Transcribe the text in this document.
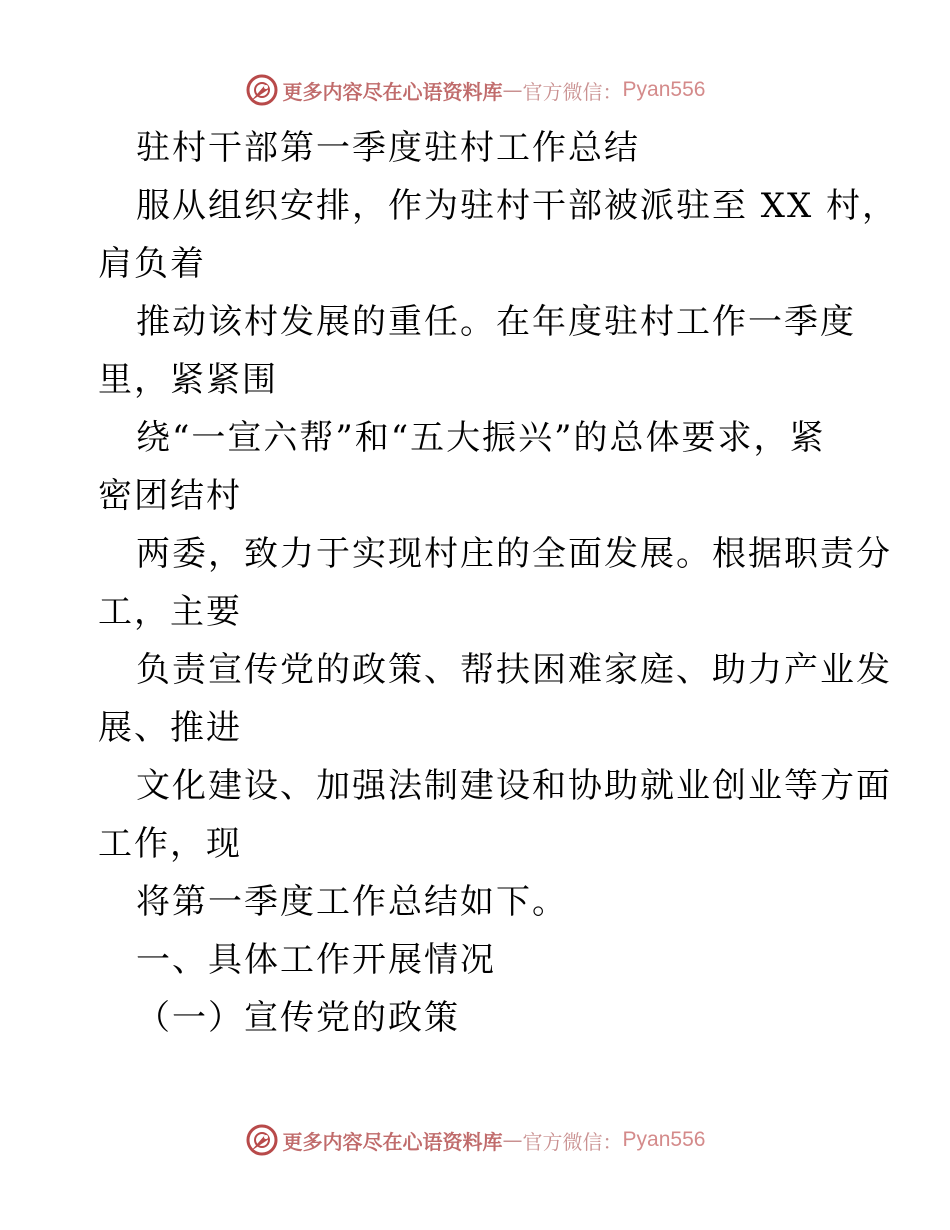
更多内容尽在心语资料库 — 官方微信： Pyan556
驻村干部第一季度驻村工作总结
服从组织安排，作为驻村干部被派驻至 XX 村，
肩负着
推动该村发展的重任。在年度驻村工作一季度
里，紧紧围
绕“一宣六帮”和“五大振兴”的总体要求，紧
密团结村
两委，致力于实现村庄的全面发展。根据职责分
工，主要
负责宣传党的政策、帮扶困难家庭、助力产业发
展、推进
文化建设、加强法制建设和协助就业创业等方面
工作，现
将第一季度工作总结如下。
一、具体工作开展情况
（一）宣传党的政策
更多内容尽在心语资料库 — 官方微信： Pyan556
